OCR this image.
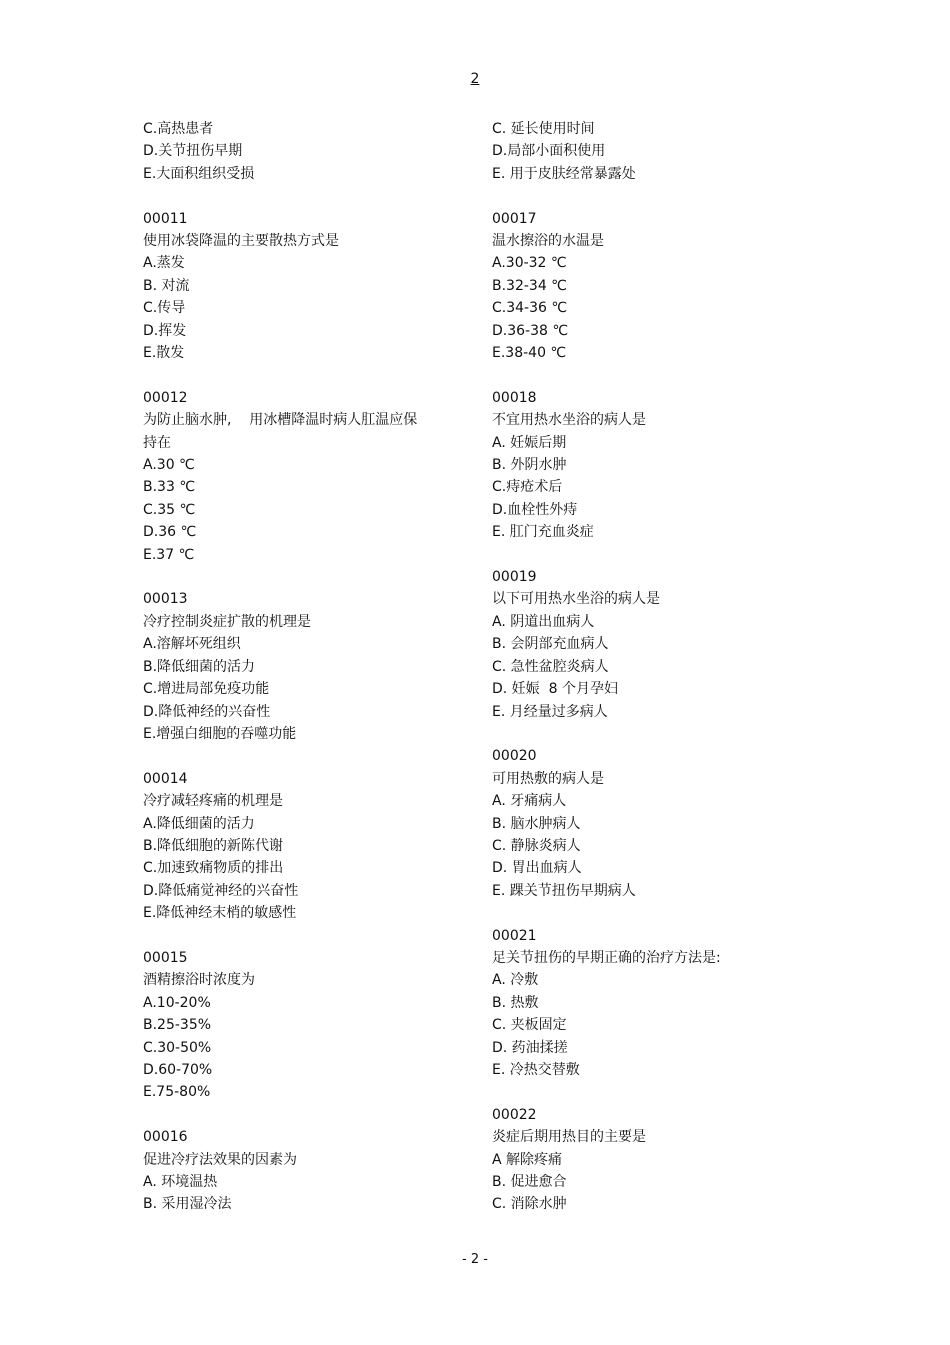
2
C.高热患者
D.关节扭伤早期
E.大面积组织受损
00011
使用冰袋降温的主要散热方式是
A.蒸发
B. 对流
C.传导
D.挥发
E.散发
00012
为防止脑水肿,    用冰槽降温时病人肛温应保
持在
A.30 ℃
B.33 ℃
C.35 ℃
D.36 ℃
E.37 ℃
00013
冷疗控制炎症扩散的机理是
A.溶解坏死组织
B.降低细菌的活力
C.增进局部免疫功能
D.降低神经的兴奋性
E.增强白细胞的吞噬功能
00014
冷疗减轻疼痛的机理是
A.降低细菌的活力
B.降低细胞的新陈代谢
C.加速致痛物质的排出
D.降低痛觉神经的兴奋性
E.降低神经末梢的敏感性
00015
酒精擦浴时浓度为
A.10-20%
B.25-35%
C.30-50%
D.60-70%
E.75-80%
00016
促进冷疗法效果的因素为
A. 环境温热
B. 采用湿冷法
C. 延长使用时间
D.局部小面积使用
E. 用于皮肤经常暴露处
00017
温水擦浴的水温是
A.30-32 ℃
B.32-34 ℃
C.34-36 ℃
D.36-38 ℃
E.38-40 ℃
00018
不宜用热水坐浴的病人是
A. 妊娠后期
B. 外阴水肿
C.痔疮术后
D.血栓性外痔
E. 肛门充血炎症
00019
以下可用热水坐浴的病人是
A. 阴道出血病人
B. 会阴部充血病人
C. 急性盆腔炎病人
D. 妊娠  8 个月孕妇
E. 月经量过多病人
00020
可用热敷的病人是
A. 牙痛病人
B. 脑水肿病人
C. 静脉炎病人
D. 胃出血病人
E. 踝关节扭伤早期病人
00021
足关节扭伤的早期正确的治疗方法是:
A. 冷敷
B. 热敷
C. 夹板固定
D. 药油揉搓
E. 冷热交替敷
00022
炎症后期用热目的主要是
A 解除疼痛
B. 促进愈合
C. 消除水肿
- 2 -
